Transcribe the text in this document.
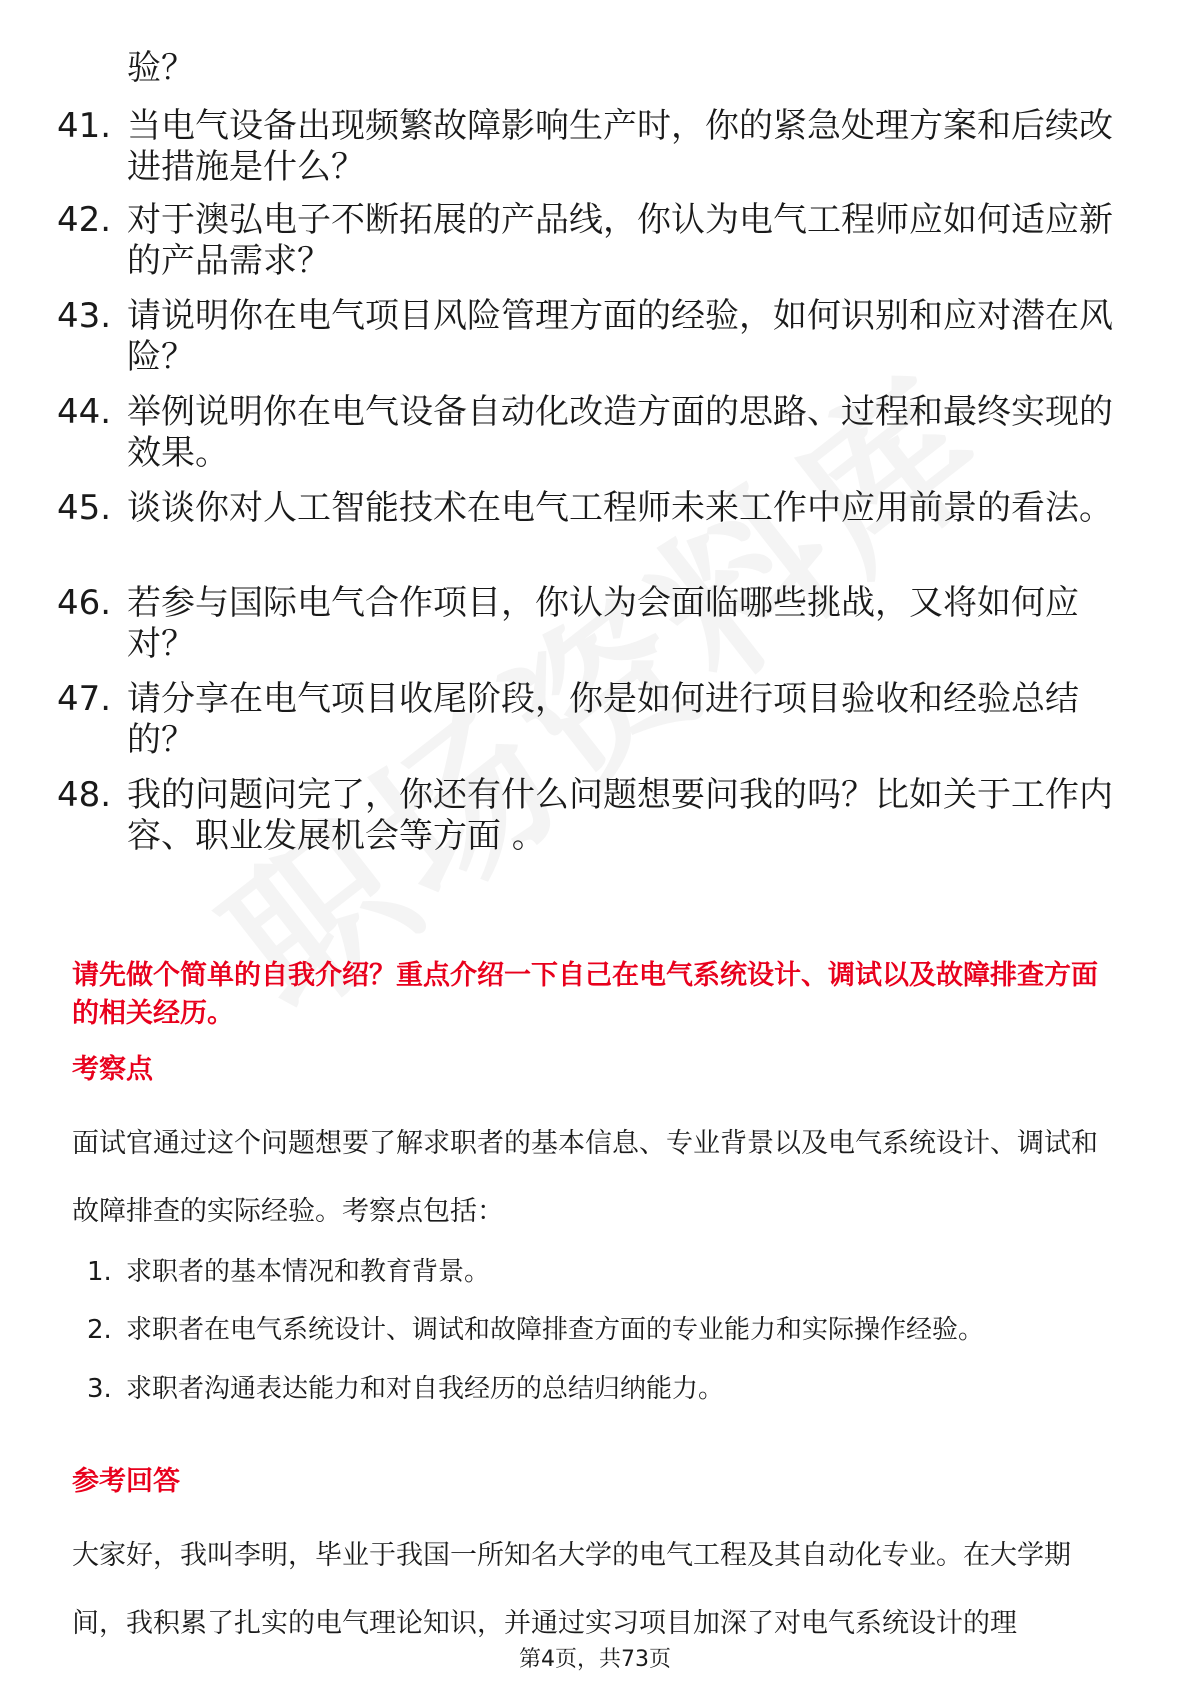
验？
41. 当电气设备出现频繁故障影响生产时，你的紧急处理方案和后续改进措施是什么？
42. 对于澳弘电子不断拓展的产品线，你认为电气工程师应如何适应新的产品需求？
43. 请说明你在电气项目风险管理方面的经验，如何识别和应对潜在风险？
44. 举例说明你在电气设备自动化改造方面的思路、过程和最终实现的效果。
45. 谈谈你对人工智能技术在电气工程师未来工作中应用前景的看法。
46. 若参与国际电气合作项目，你认为会面临哪些挑战，又将如何应对？
47. 请分享在电气项目收尾阶段，你是如何进行项目验收和经验总结的？
48. 我的问题问完了，你还有什么问题想要问我的吗？比如关于工作内容、职业发展机会等方面 。
请先做个简单的自我介绍？重点介绍一下自己在电气系统设计、调试以及故障排查方面的相关经历。
考察点
面试官通过这个问题想要了解求职者的基本信息、专业背景以及电气系统设计、调试和故障排查的实际经验。考察点包括：
1. 求职者的基本情况和教育背景。
2. 求职者在电气系统设计、调试和故障排查方面的专业能力和实际操作经验。
3. 求职者沟通表达能力和对自我经历的总结归纳能力。
参考回答
大家好，我叫李明，毕业于我国一所知名大学的电气工程及其自动化专业。在大学期间，我积累了扎实的电气理论知识，并通过实习项目加深了对电气系统设计的理
第4页，共73页
